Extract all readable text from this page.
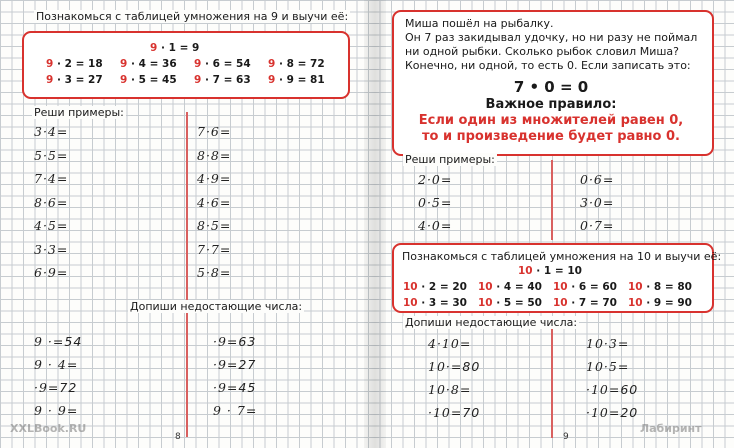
Познакомься с таблицей умножения на 9 и выучи её:
9 · 1 = 9
Реши примеры:
Допиши недостающие числа:
8
XXLBook.RU
Миша пошёл на рыбалку.
Он 7 раз закидывал удочку, но ни разу не поймал
ни одной рыбки. Сколько рыбок словил Миша?
Конечно, ни одной, то есть 0. Если записать это:
7 • 0 = 0
Важное правило:
Если один из множителей равен 0,
то и произведение будет равно 0.
Реши примеры:
Познакомься с таблицей умножения на 10 и выучи её:
10 · 1 = 10
Допиши недостающие числа:
9
Лабиринт
9 · 2 = 18 9 · 4 = 36 9 · 6 = 54 9 · 8 = 72
9 · 3 = 27 9 · 5 = 45 9 · 7 = 63 9 · 9 = 81
10 · 2 = 20 10 · 4 = 40 10 · 6 = 60 10 · 8 = 80
10 · 3 = 30 10 · 5 = 50 10 · 7 = 70 10 · 9 = 90
3·4=
5·5=
7·4=
8·6=
4·5=
3·3=
6·9=
7·6=
8·8=
4·9=
4·6=
8·5=
7·7=
5·8=
2·0=
0·5=
4·0=
0·6=
3·0=
0·7=
9 ·=54
9 · 4=
·9=72
9 · 9=
·9=63
·9=27
·9=45
9 · 7=
4·10=
10·=80
10·8=
·10=70
10·3=
10·5=
·10=60
·10=20
